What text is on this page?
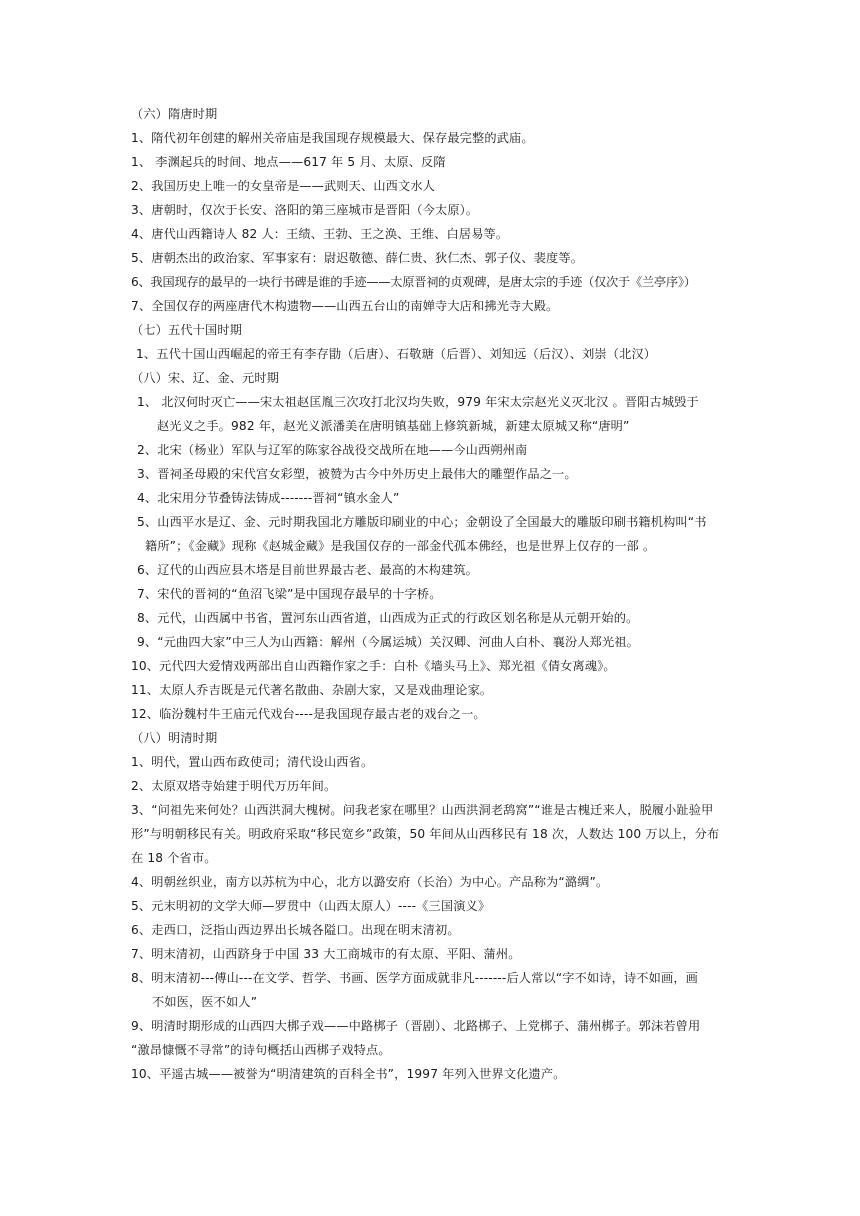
（六）隋唐时期
1、隋代初年创建的解州关帝庙是我国现存规模最大、保存最完整的武庙。
1、 李渊起兵的时间、地点——617 年 5 月、太原、反隋
2、我国历史上唯一的女皇帝是——武则天、山西文水人
3、唐朝时，仅次于长安、洛阳的第三座城市是晋阳（今太原）。
4、唐代山西籍诗人 82 人：王绩、王勃、王之涣、王维、白居易等。
5、唐朝杰出的政治家、军事家有：尉迟敬德、薛仁贵、狄仁杰、郭子仪、裴度等。
6、我国现存的最早的一块行书碑是谁的手迹——太原晋祠的贞观碑，是唐太宗的手迹（仅次于《兰亭序》）
7、全国仅存的两座唐代木构遗物——山西五台山的南婵寺大店和拂光寺大殿。
（七）五代十国时期
1、五代十国山西崛起的帝王有李存勖（后唐）、石敬瑭（后晋）、刘知远（后汉）、刘崇（北汉）
（八）宋、辽、金、元时期
1、 北汉何时灭亡——宋太祖赵匡胤三次攻打北汉均失败，979 年宋太宗赵光义灭北汉 。晋阳古城毁于
赵光义之手。982 年，赵光义派潘美在唐明镇基础上修筑新城，新建太原城又称“唐明”
2、北宋（杨业）军队与辽军的陈家谷战役交战所在地——今山西朔州南
3、晋祠圣母殿的宋代宫女彩塑，被赞为古今中外历史上最伟大的雕塑作品之一。
4、北宋用分节叠铸法铸成-------晋祠“镇水金人”
5、山西平水是辽、金、元时期我国北方雕版印刷业的中心；金朝设了全国最大的雕版印刷书籍机构叫“书
籍所”；《金藏》现称《赵城金藏》是我国仅存的一部金代孤本佛经，也是世界上仅存的一部 。
6、辽代的山西应县木塔是目前世界最古老、最高的木构建筑。
7、宋代的晋祠的“鱼沼飞梁”是中国现存最早的十字桥。
8、元代，山西属中书省，置河东山西省道，山西成为正式的行政区划名称是从元朝开始的。
9、“元曲四大家”中三人为山西籍：解州（今属运城）关汉卿、河曲人白朴、襄汾人郑光祖。
10、元代四大爱情戏两部出自山西籍作家之手：白朴《墙头马上》、郑光祖《倩女离魂》。
11、太原人乔吉既是元代著名散曲、杂剧大家，又是戏曲理论家。
12、临汾魏村牛王庙元代戏台----是我国现存最古老的戏台之一。
（八）明清时期
1、明代，置山西布政使司；清代设山西省。
2、太原双塔寺始建于明代万历年间。
3、“问祖先来何处？山西洪洞大槐树。问我老家在哪里？山西洪洞老鸹窝”“谁是古槐迁来人，脱履小趾验甲
形”与明朝移民有关。明政府采取“移民宽乡”政策，50 年间从山西移民有 18 次，人数达 100 万以上，分布
在 18 个省市。
4、明朝丝织业，南方以苏杭为中心，北方以潞安府（长治）为中心。产品称为“潞绸”。
5、元末明初的文学大师—罗贯中（山西太原人）----《三国演义》
6、走西口，泛指山西边界出长城各隘口。出现在明末清初。
7、明末清初，山西跻身于中国 33 大工商城市的有太原、平阳、蒲州。
8、明末清初---傅山---在文学、哲学、书画、医学方面成就非凡-------后人常以“字不如诗，诗不如画，画
不如医，医不如人”
9、明清时期形成的山西四大梆子戏——中路梆子（晋剧）、北路梆子、上党梆子、蒲州梆子。郭沫若曾用
“激昂慷慨不寻常”的诗句概括山西梆子戏特点。
10、平遥古城——被誉为“明清建筑的百科全书”，1997 年列入世界文化遗产。
